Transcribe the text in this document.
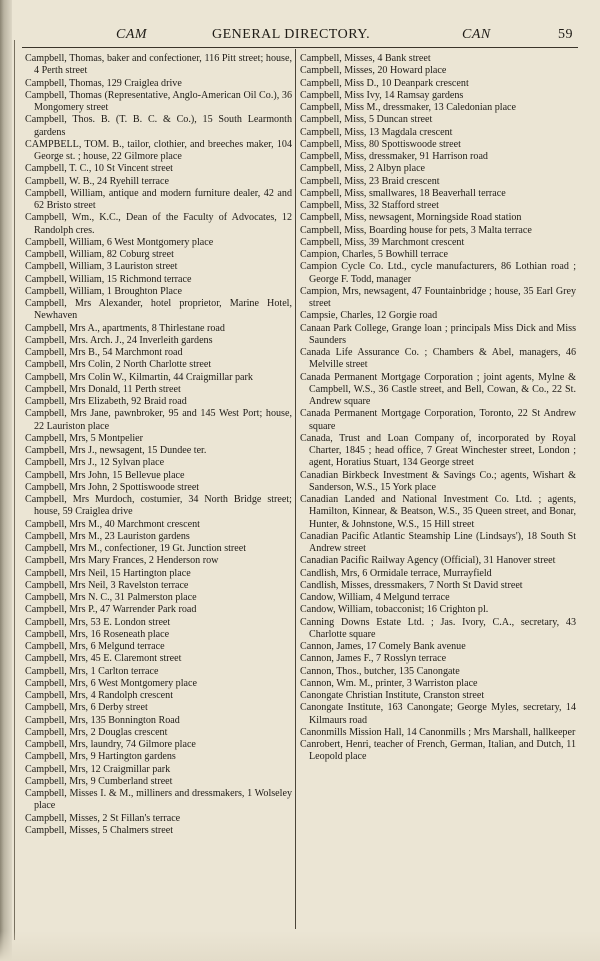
CAM	GENERAL DIRECTORY.	CAN	59
Campbell, Thomas, baker and confectioner, 116 Pitt street; house, 4 Perth street
Campbell, Thomas, 129 Craiglea drive
Campbell, Thomas (Representative, Anglo-American Oil Co.), 36 Mongomery street
Campbell, Thos. B. (T. B. C. & Co.), 15 South Learmonth gardens
CAMPBELL, TOM. B., tailor, clothier, and breeches maker, 104 George st. ; house, 22 Gilmore place
Campbell, T. C., 10 St Vincent street
Campbell, W. B., 24 Ryehill terrace
Campbell, William, antique and modern furniture dealer, 42 and 62 Bristo street
Campbell, Wm., K.C., Dean of the Faculty of Advocates, 12 Randolph cres.
Campbell, William, 6 West Montgomery place
Campbell, William, 82 Coburg street
Campbell, William, 3 Lauriston street
Campbell, William, 15 Richmond terrace
Campbell, William, 1 Broughton Place
Campbell, Mrs Alexander, hotel proprietor, Marine Hotel, Newhaven
Campbell, Mrs A., apartments, 8 Thirlestane road
Campbell, Mrs. Arch. J., 24 Inverleith gardens
Campbell, Mrs B., 54 Marchmont road
Campbell, Mrs Colin, 2 North Charlotte street
Campbell, Mrs Colin W., Kilmartin, 44 Craigmillar park
Campbell, Mrs Donald, 11 Perth street
Campbell, Mrs Elizabeth, 92 Braid road
Campbell, Mrs Jane, pawnbroker, 95 and 145 West Port; house, 22 Lauriston place
Campbell, Mrs, 5 Montpelier
Campbell, Mrs J., newsagent, 15 Dundee ter.
Campbell, Mrs J., 12 Sylvan place
Campbell, Mrs John, 15 Bellevue place
Campbell, Mrs John, 2 Spottiswoode street
Campbell, Mrs Murdoch, costumier, 34 North Bridge street; house, 59 Craiglea drive
Campbell, Mrs M., 40 Marchmont crescent
Campbell, Mrs M., 23 Lauriston gardens
Campbell, Mrs M., confectioner, 19 Gt. Junction street
Campbell, Mrs Mary Frances, 2 Henderson row
Campbell, Mrs Neil, 15 Hartington place
Campbell, Mrs Neil, 3 Ravelston terrace
Campbell, Mrs N. C., 31 Palmerston place
Campbell, Mrs P., 47 Warrender Park road
Campbell, Mrs, 53 E. London street
Campbell, Mrs, 16 Roseneath place
Campbell, Mrs, 6 Melgund terrace
Campbell, Mrs, 45 E. Claremont street
Campbell, Mrs, 1 Carlton terrace
Campbell, Mrs, 6 West Montgomery place
Campbell, Mrs, 4 Randolph crescent
Campbell, Mrs, 6 Derby street
Campbell, Mrs, 135 Bonnington Road
Campbell, Mrs, 2 Douglas crescent
Campbell, Mrs, laundry, 74 Gilmore place
Campbell, Mrs, 9 Hartington gardens
Campbell, Mrs, 12 Craigmillar park
Campbell, Mrs, 9 Cumberland street
Campbell, Misses I. & M., milliners and dressmakers, 1 Wolseley place
Campbell, Misses, 2 St Fillan's terrace
Campbell, Misses, 5 Chalmers street
Campbell, Misses, 4 Bank street
Campbell, Misses, 20 Howard place
Campbell, Miss D., 10 Deanpark crescent
Campbell, Miss Ivy, 14 Ramsay gardens
Campbell, Miss M., dressmaker, 13 Caledonian place
Campbell, Miss, 5 Duncan street
Campbell, Miss, 13 Magdala crescent
Campbell, Miss, 80 Spottiswoode street
Campbell, Miss, dressmaker, 91 Harrison road
Campbell, Miss, 2 Albyn place
Campbell, Miss, 23 Braid crescent
Campbell, Miss, smallwares, 18 Beaverhall terrace
Campbell, Miss, 32 Stafford street
Campbell, Miss, newsagent, Morningside Road station
Campbell, Miss, Boarding house for pets, 3 Malta terrace
Campbell, Miss, 39 Marchmont crescent
Campion, Charles, 5 Bowhill terrace
Campion Cycle Co. Ltd., cycle manufacturers, 86 Lothian road ; George F. Todd, manager
Campion, Mrs, newsagent, 47 Fountainbridge ; house, 35 Earl Grey street
Campsie, Charles, 12 Gorgie road
Canaan Park College, Grange loan ; principals Miss Dick and Miss Saunders
Canada Life Assurance Co. ; Chambers & Abel, managers, 46 Melville street
Canada Permanent Mortgage Corporation ; joint agents, Mylne & Campbell, W.S., 36 Castle street, and Bell, Cowan, & Co., 22 St. Andrew square
Canada Permanent Mortgage Corporation, Toronto, 22 St Andrew square
Canada, Trust and Loan Company of, incorporated by Royal Charter, 1845 ; head office, 7 Great Winchester street, London ; agent, Horatius Stuart, 134 George street
Canadian Birkbeck Investment & Savings Co.; agents, Wishart & Sanderson, W.S., 15 York place
Canadian Landed and National Investment Co. Ltd. ; agents, Hamilton, Kinnear, & Beatson, W.S., 35 Queen street, and Bonar, Hunter, & Johnstone, W.S., 15 Hill street
Canadian Pacific Atlantic Steamship Line (Lindsays'), 18 South St Andrew street
Canadian Pacific Railway Agency (Official), 31 Hanover street
Candlish, Mrs, 6 Ormidale terrace, Murrayfield
Candlish, Misses, dressmakers, 7 North St David street
Candow, William, 4 Melgund terrace
Candow, William, tobacconist; 16 Crighton pl.
Canning Downs Estate Ltd. ; Jas. Ivory, C.A., secretary, 43 Charlotte square
Cannon, James, 17 Comely Bank avenue
Cannon, James F., 7 Rosslyn terrace
Cannon, Thos., butcher, 135 Canongate
Cannon, Wm. M., printer, 3 Warriston place
Canongate Christian Institute, Cranston street
Canongate Institute, 163 Canongate; George Myles, secretary, 14 Kilmaurs road
Canonmills Mission Hall, 14 Canonmills ; Mrs Marshall, hallkeeper
Canrobert, Henri, teacher of French, German, Italian, and Dutch, 11 Leopold place
